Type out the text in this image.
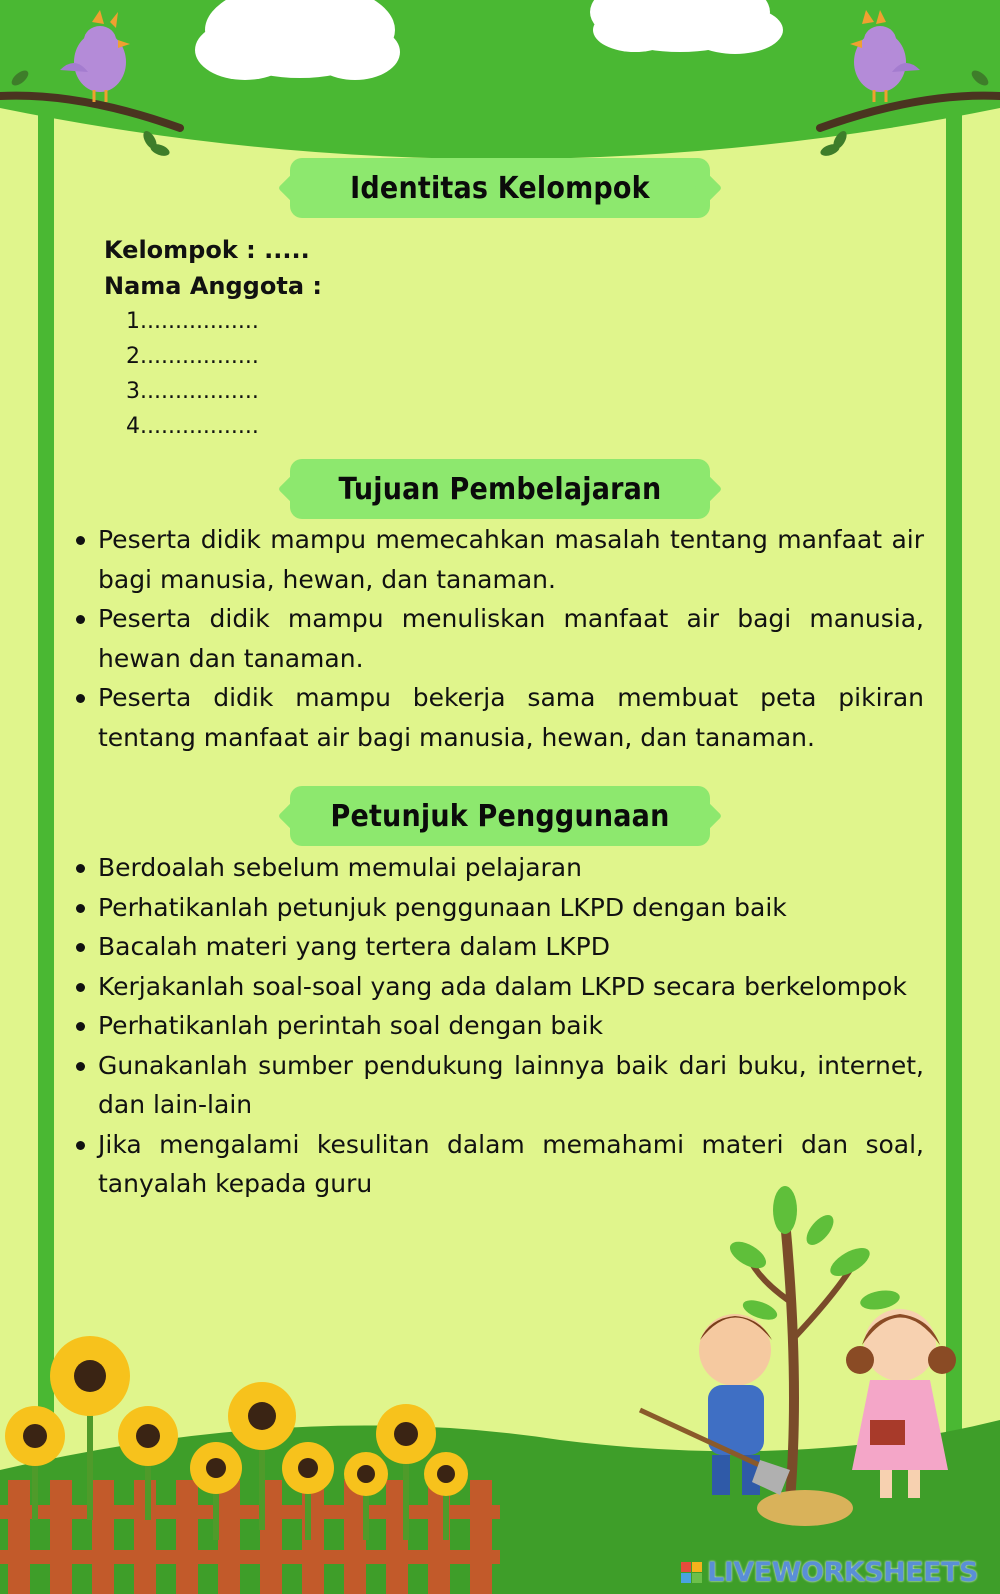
Identitas Kelompok
Kelompok : .....
Nama Anggota :
1.................
2.................
3.................
4.................
Tujuan Pembelajaran
Peserta didik mampu memecahkan masalah tentang manfaat air bagi manusia, hewan, dan tanaman.
Peserta didik mampu menuliskan manfaat air bagi manusia, hewan dan tanaman.
Peserta didik mampu bekerja sama membuat peta pikiran tentang manfaat air bagi manusia, hewan, dan tanaman.
Petunjuk Penggunaan
Berdoalah sebelum memulai pelajaran
Perhatikanlah petunjuk penggunaan LKPD dengan baik
Bacalah materi yang tertera dalam LKPD
Kerjakanlah soal-soal yang ada dalam LKPD secara berkelompok
Perhatikanlah perintah soal dengan baik
Gunakanlah sumber pendukung lainnya baik dari buku, internet, dan lain-lain
Jika mengalami kesulitan dalam memahami materi dan soal, tanyalah kepada guru
LIVEWORKSHEETS
